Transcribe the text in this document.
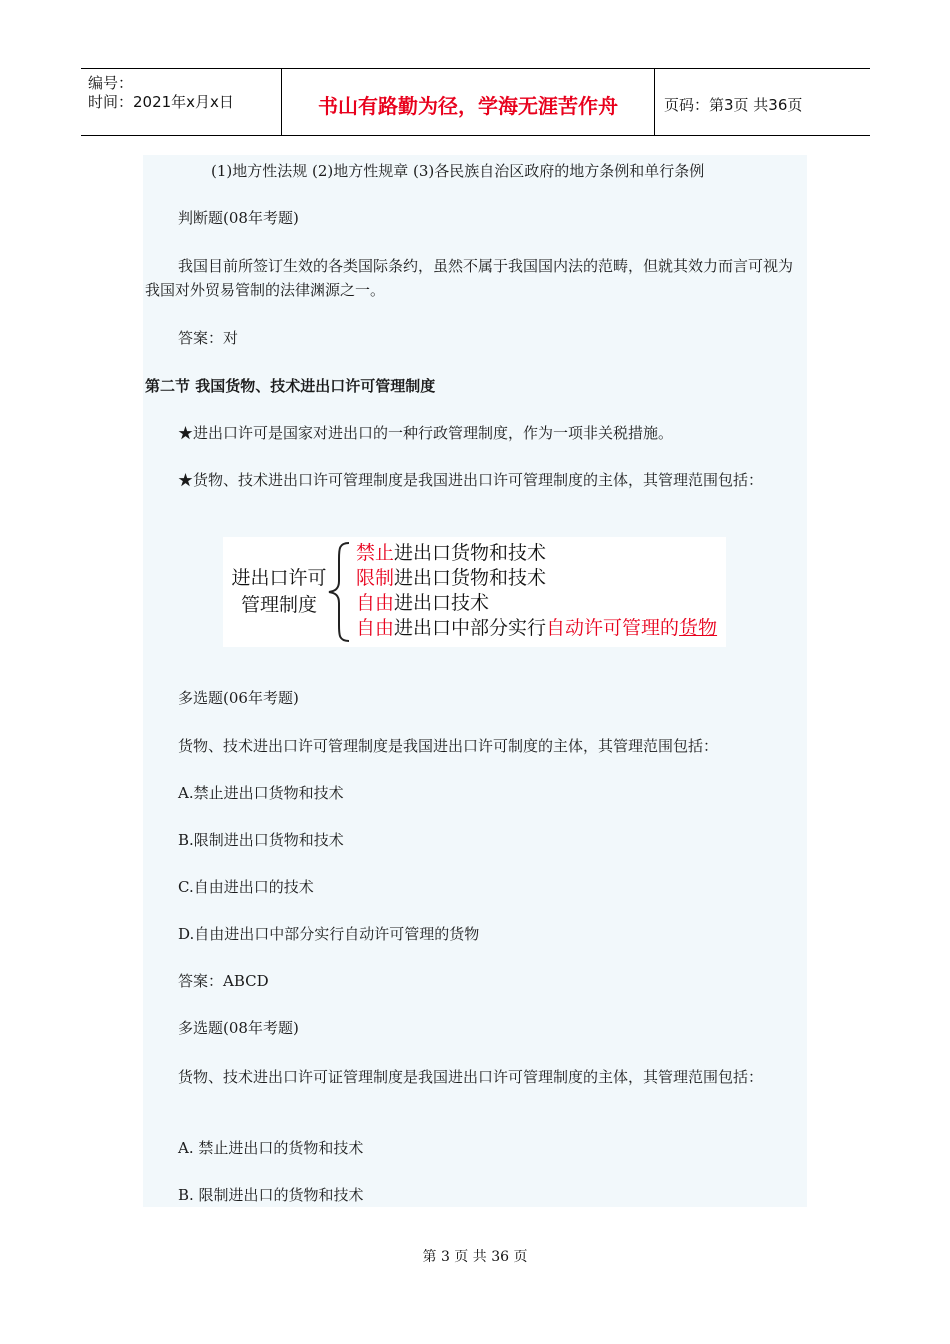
编号：
时间：2021年x月x日	书山有路勤为径，学海无涯苦作舟	页码：第3页 共36页
(1)地方性法规 (2)地方性规章 (3)各民族自治区政府的地方条例和单行条例
判断题(08年考题)
我国目前所签订生效的各类国际条约，虽然不属于我国国内法的范畴，但就其效力而言可视为我国对外贸易管制的法律渊源之一。
答案：对
第二节 我国货物、技术进出口许可管理制度
★进出口许可是国家对进出口的一种行政管理制度，作为一项非关税措施。
★货物、技术进出口许可管理制度是我国进出口许可管理制度的主体，其管理范围包括：
进出口许可
管理制度
禁止进出口货物和技术
限制进出口货物和技术
自由进出口技术
自由进出口中部分实行自动许可管理的货物
多选题(06年考题)
货物、技术进出口许可管理制度是我国进出口许可制度的主体，其管理范围包括：
A.禁止进出口货物和技术
B.限制进出口货物和技术
C.自由进出口的技术
D.自由进出口中部分实行自动许可管理的货物
答案：ABCD
多选题(08年考题)
货物、技术进出口许可证管理制度是我国进出口许可管理制度的主体，其管理范围包括：
A. 禁止进出口的货物和技术
B. 限制进出口的货物和技术
第 3 页 共 36 页
